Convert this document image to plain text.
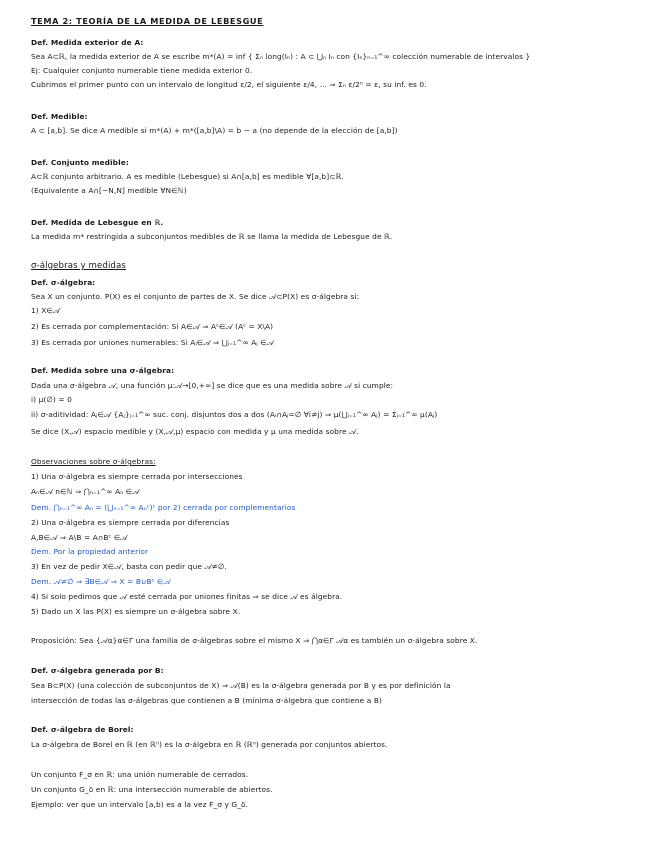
TEMA 2: TEORÍA DE LA MEDIDA DE LEBESGUE
Def. Medida exterior de A:
Sea A⊂ℝ, la medida exterior de A se escribe m*(A) = inf { Σₙ long(Iₙ) : A ⊂ ⋃ₙ Iₙ con {Iₙ}ₙ₌₁^∞ colección numerable de intervalos }
Ej: Cualquier conjunto numerable tiene medida exterior 0.
Cubrimos el primer punto con un intervalo de longitud ε/2, el siguiente ε/4, ... ⇒ Σₙ ε/2ⁿ = ε, su inf. es 0.
Def. Medible:
A ⊂ [a,b]. Se dice A medible si m*(A) + m*([a,b]\A) = b − a (no depende de la elección de [a,b])
Def. Conjunto medible:
A⊂ℝ conjunto arbitrario. A es medible (Lebesgue) si A∩[a,b] es medible ∀[a,b]⊂ℝ.
(Equivalente a A∩[−N,N] medible ∀N∈ℕ)
Def. Medida de Lebesgue en ℝ.
La medida m* restringida a subconjuntos medibles de ℝ se llama la medida de Lebesgue de ℝ.
σ-álgebras y medidas
Def. σ-álgebra:
Sea X un conjunto. P(X) es el conjunto de partes de X. Se dice 𝒜⊂P(X) es σ-álgebra si:
1) X∈𝒜
2) Es cerrada por complementación: Si A∈𝒜 ⇒ Aᶜ∈𝒜 (Aᶜ = X\A)
3) Es cerrada por uniones numerables: Si Aⱼ∈𝒜 ⇒ ⋃ⱼ₌₁^∞ Aⱼ ∈𝒜
Def. Medida sobre una σ-álgebra:
Dada una σ-álgebra 𝒜, una función μ:𝒜→[0,+∞] se dice que es una medida sobre 𝒜 si cumple:
i) μ(∅) = 0
ii) σ-aditividad: Aⱼ∈𝒜 {Aⱼ}ⱼ₌₁^∞ suc. conj. disjuntos dos a dos (Aᵢ∩Aⱼ=∅ ∀i≠j) ⇒ μ(⋃ⱼ₌₁^∞ Aⱼ) = Σⱼ₌₁^∞ μ(Aⱼ)
Se dice (X,𝒜) espacio medible y (X,𝒜,μ) espacio con medida y μ una medida sobre 𝒜.
Observaciones sobre σ-álgebras:
1) Una σ-álgebra es siempre cerrada por intersecciones
Aₙ∈𝒜 n∈ℕ ⇒ ⋂ₙ₌₁^∞ Aₙ ∈𝒜
Dem. ⋂ₙ₌₁^∞ Aₙ = (⋃ₙ₌₁^∞ Aₙᶜ)ᶜ por 2) cerrada por complementarios
2) Una σ-álgebra es siempre cerrada por diferencias
A,B∈𝒜 ⇒ A\B = A∩Bᶜ ∈𝒜
Dem. Por la propiedad anterior
3) En vez de pedir X∈𝒜, basta con pedir que 𝒜≠∅.
Dem. 𝒜≠∅ ⇒ ∃B∈𝒜 ⇒ X = B∪Bᶜ ∈𝒜
4) Si solo pedimos que 𝒜 esté cerrada por uniones finitas ⇒ se dice 𝒜 es álgebra.
5) Dado un X las P(X) es siempre un σ-álgebra sobre X.
Proposición: Sea {𝒜α}α∈Γ una familia de σ-álgebras sobre el mismo X ⇒ ⋂α∈Γ 𝒜α es también un σ-álgebra sobre X.
Def. σ-álgebra generada por B:
Sea B⊂P(X) (una colección de subconjuntos de X) ⇒ 𝒜(B) es la σ-álgebra generada por B y es por definición la
intersección de todas las σ-álgebras que contienen a B (mínima σ-álgebra que contiene a B)
Def. σ-álgebra de Borel:
La σ-álgebra de Borel en ℝ (en ℝⁿ) es la σ-álgebra en ℝ (ℝⁿ) generada por conjuntos abiertos.
Un conjunto F_σ en ℝ: una unión numerable de cerrados.
Un conjunto G_δ en ℝ: una intersección numerable de abiertos.
Ejemplo: ver que un intervalo [a,b) es a la vez F_σ y G_δ.
